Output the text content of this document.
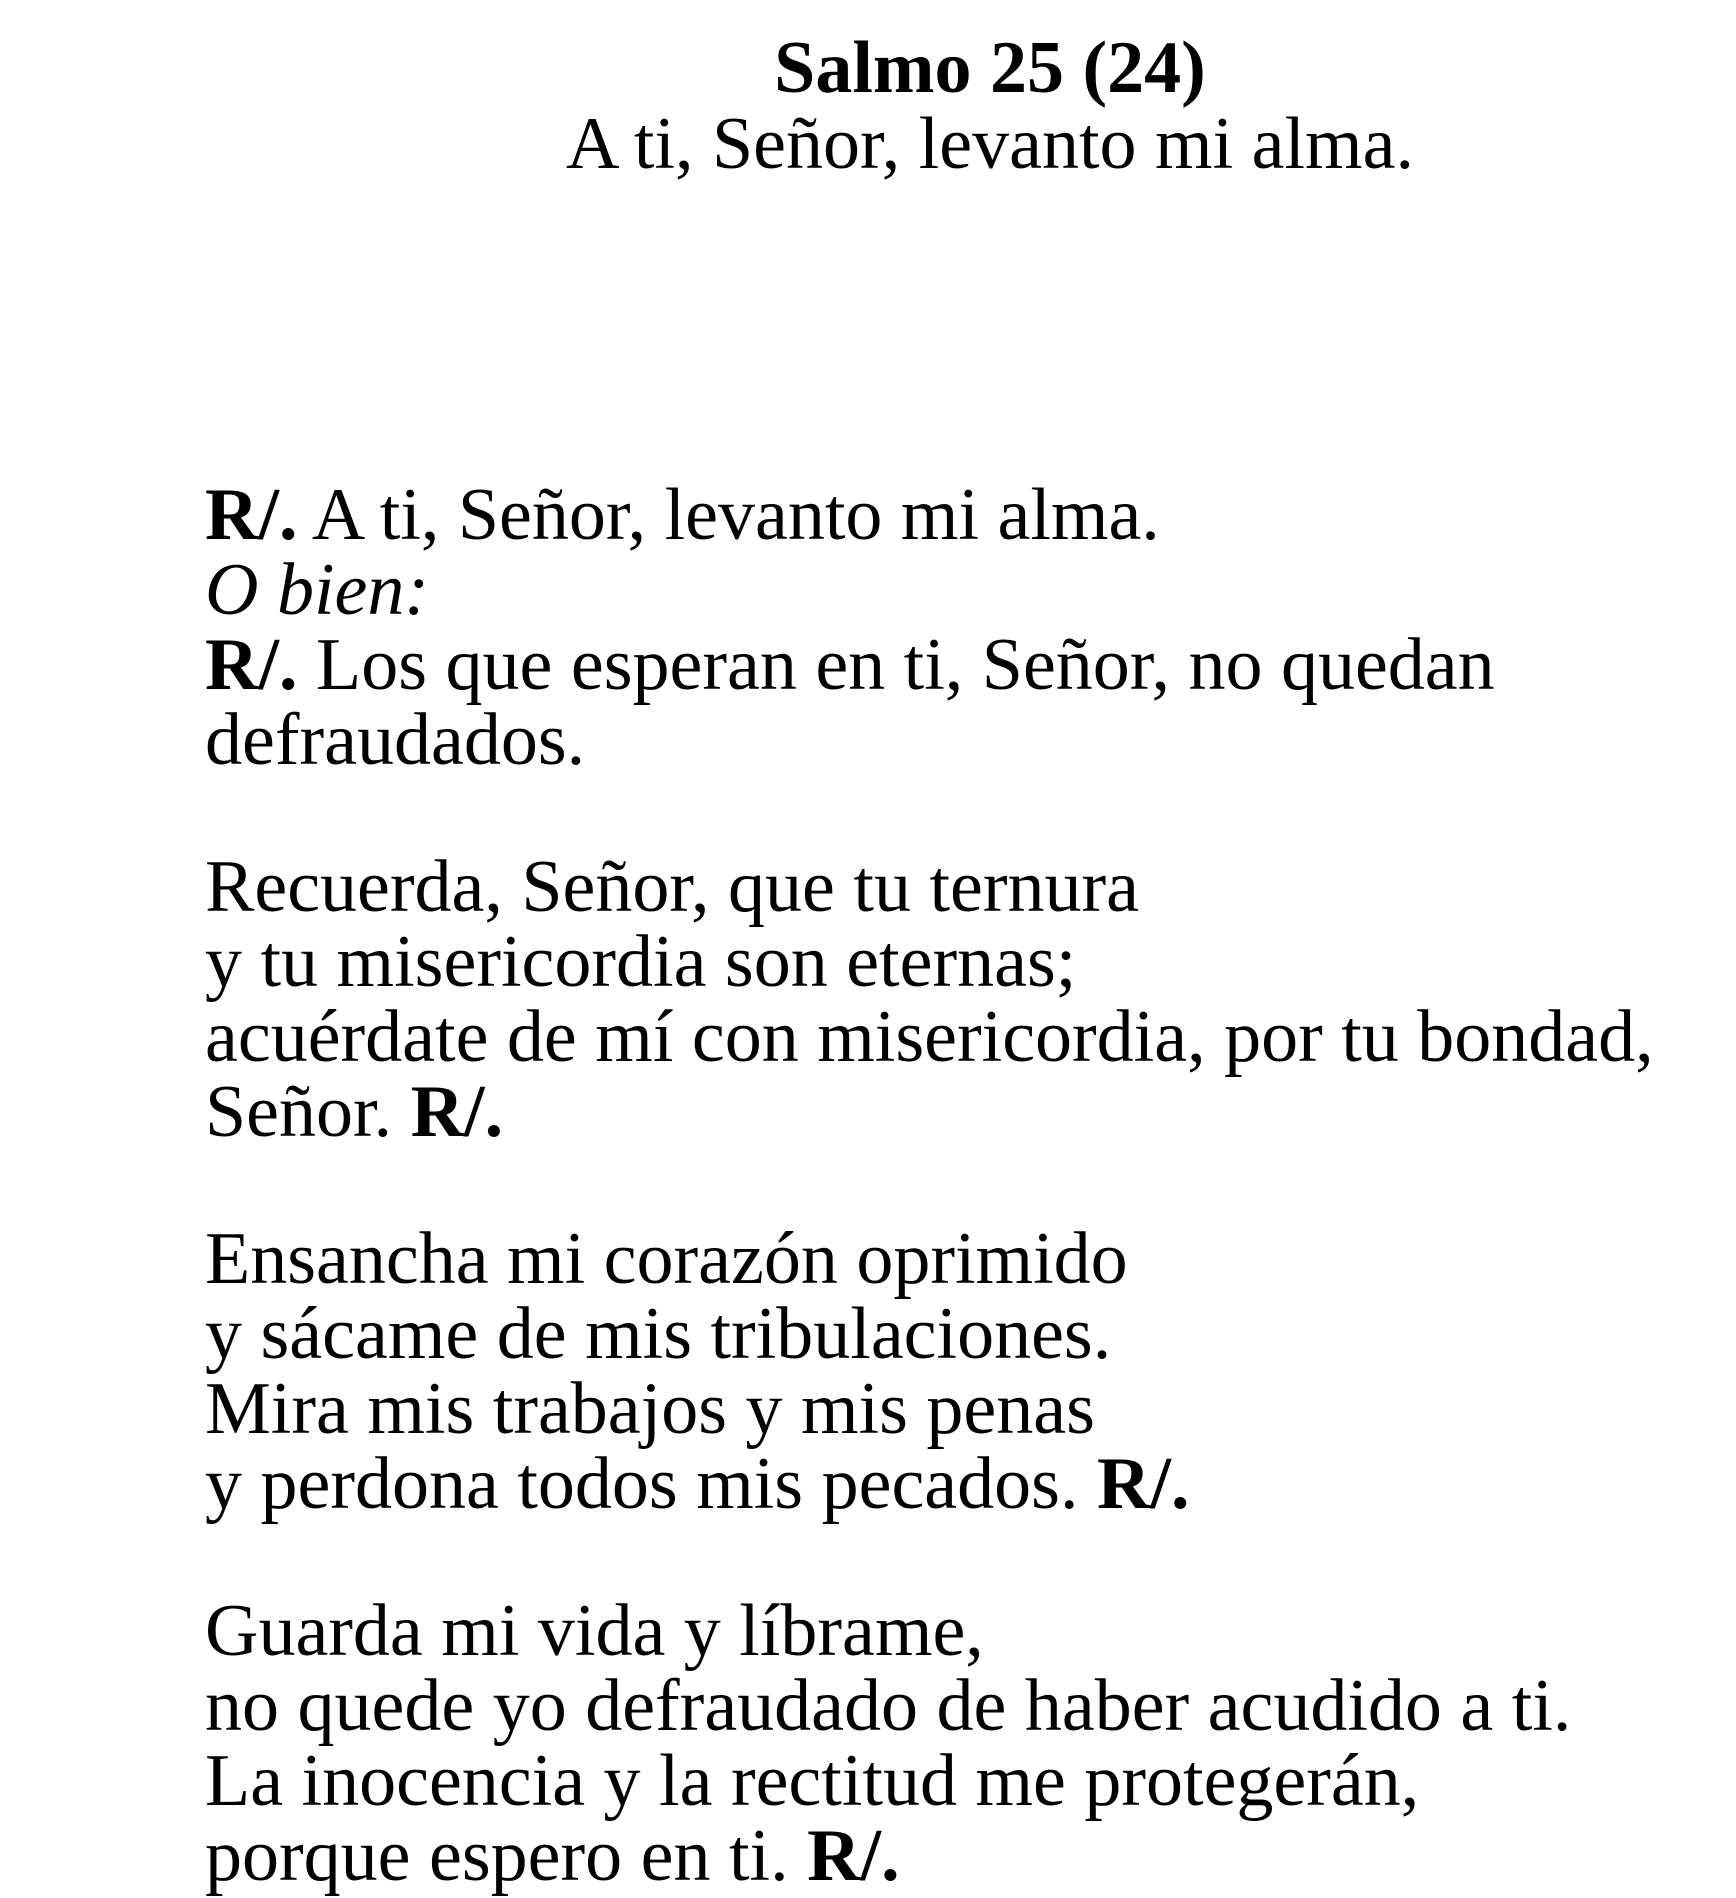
Salmo 25 (24)
A ti, Señor, levanto mi alma.

R/. A ti, Señor, levanto mi alma.
O bien:
R/. Los que esperan en ti, Señor, no quedan
defraudados.

Recuerda, Señor, que tu ternura
y tu misericordia son eternas;
acuérdate de mí con misericordia, por tu bondad,
Señor. R/.

Ensancha mi corazón oprimido
y sácame de mis tribulaciones.
Mira mis trabajos y mis penas
y perdona todos mis pecados. R/.

Guarda mi vida y líbrame,
no quede yo defraudado de haber acudido a ti.
La inocencia y la rectitud me protegerán,
porque espero en ti. R/.
